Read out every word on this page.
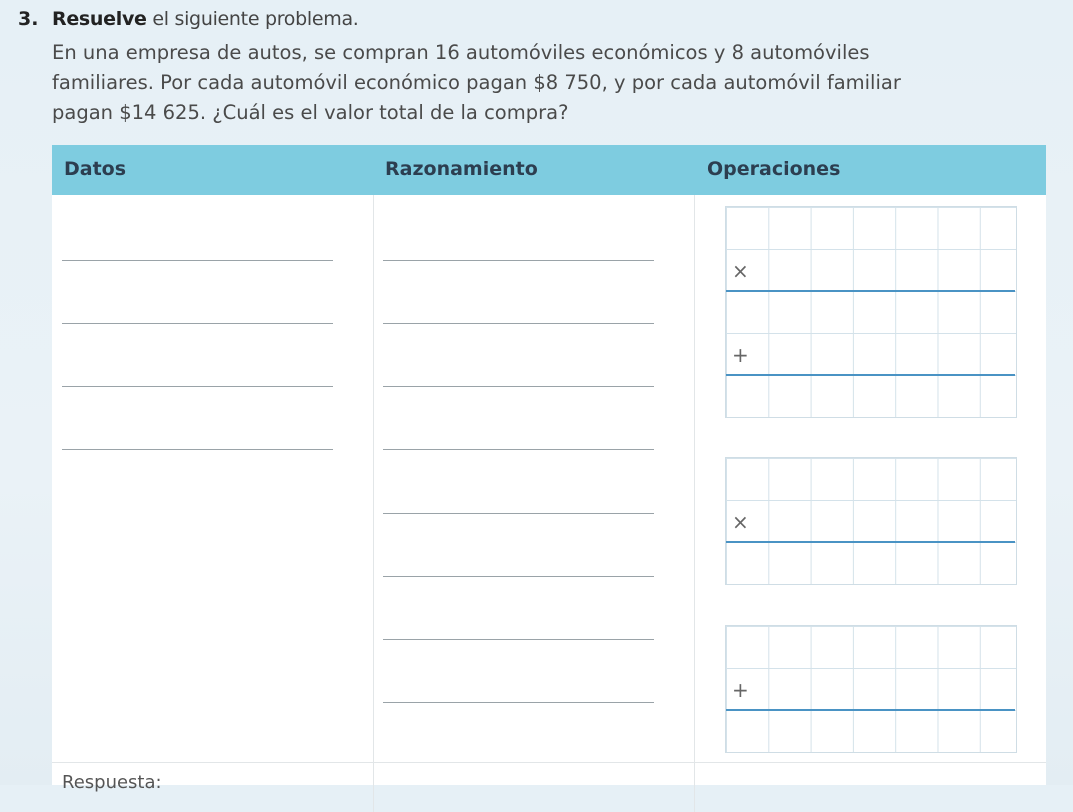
3. Resuelve el siguiente problema.
En una empresa de autos, se compran 16 automóviles económicos y 8 automóviles
familiares. Por cada automóvil económico pagan $8 750, y por cada automóvil familiar
pagan $14 625. ¿Cuál es el valor total de la compra?
Datos	Razonamiento	Operaciones
×
+
×
+
Respuesta:
